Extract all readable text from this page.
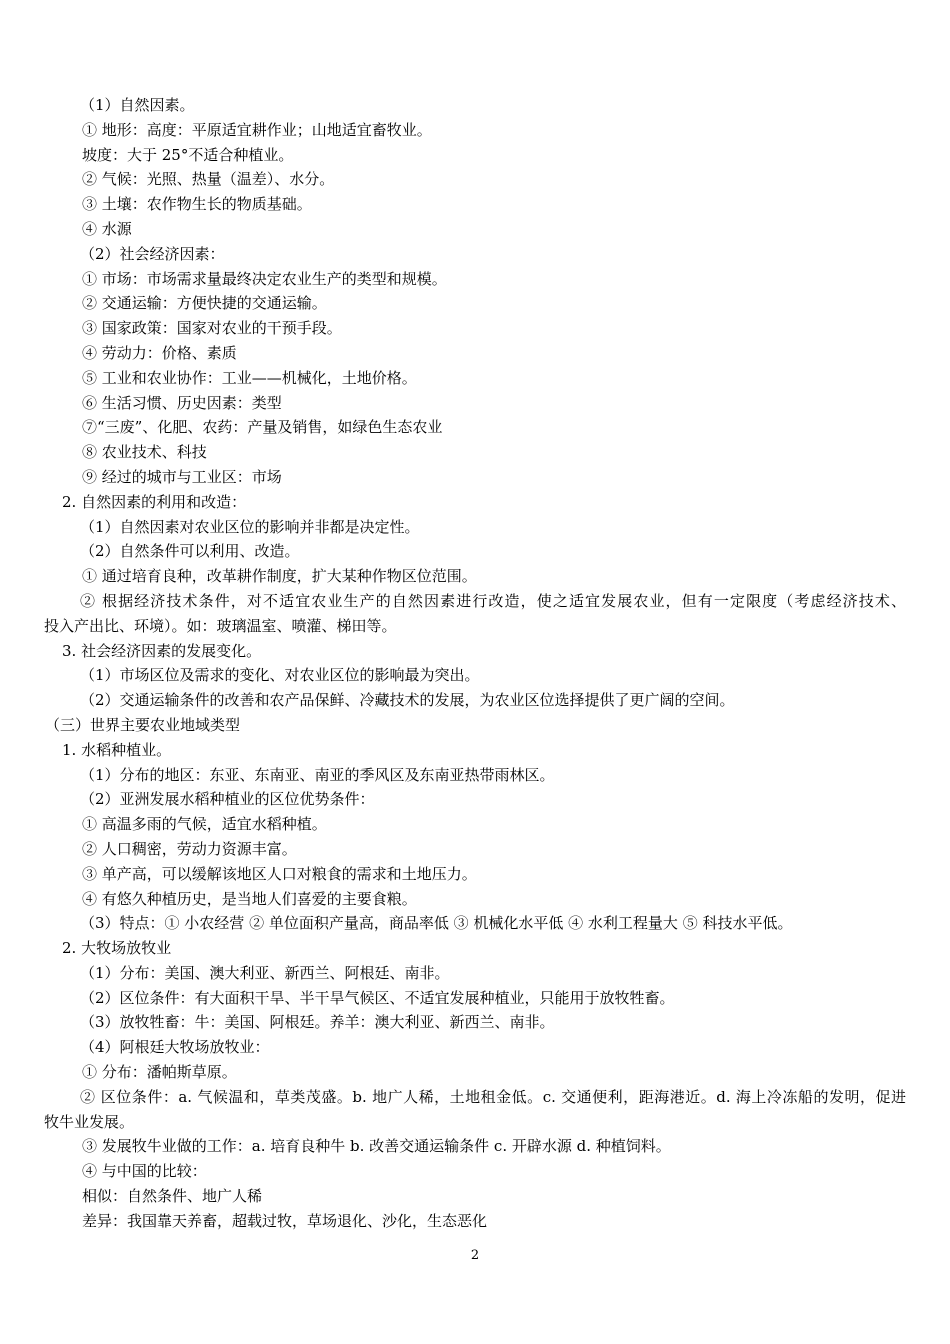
（1）自然因素。
① 地形：高度：平原适宜耕作业；山地适宜畜牧业。
坡度：大于 25°不适合种植业。
② 气候：光照、热量（温差）、水分。
③ 土壤：农作物生长的物质基础。
④ 水源
（2）社会经济因素：
① 市场：市场需求量最终决定农业生产的类型和规模。
② 交通运输：方便快捷的交通运输。
③ 国家政策：国家对农业的干预手段。
④ 劳动力：价格、素质
⑤ 工业和农业协作：工业——机械化，土地价格。
⑥ 生活习惯、历史因素：类型
⑦“三废”、化肥、农药：产量及销售，如绿色生态农业
⑧ 农业技术、科技
⑨ 经过的城市与工业区：市场
2. 自然因素的利用和改造：
（1）自然因素对农业区位的影响并非都是决定性。
（2）自然条件可以利用、改造。
① 通过培育良种，改革耕作制度，扩大某种作物区位范围。
② 根据经济技术条件，对不适宜农业生产的自然因素进行改造，使之适宜发展农业，但有一定限度（考虑经济技术、
投入产出比、环境）。如：玻璃温室、喷灌、梯田等。
3. 社会经济因素的发展变化。
（1）市场区位及需求的变化、对农业区位的影响最为突出。
（2）交通运输条件的改善和农产品保鲜、冷藏技术的发展，为农业区位选择提供了更广阔的空间。
（三）世界主要农业地域类型
1. 水稻种植业。
（1）分布的地区：东亚、东南亚、南亚的季风区及东南亚热带雨林区。
（2）亚洲发展水稻种植业的区位优势条件：
① 高温多雨的气候，适宜水稻种植。
② 人口稠密，劳动力资源丰富。
③ 单产高，可以缓解该地区人口对粮食的需求和土地压力。
④ 有悠久种植历史，是当地人们喜爱的主要食粮。
（3）特点：① 小农经营 ② 单位面积产量高，商品率低 ③ 机械化水平低 ④ 水利工程量大 ⑤ 科技水平低。
2. 大牧场放牧业
（1）分布：美国、澳大利亚、新西兰、阿根廷、南非。
（2）区位条件：有大面积干旱、半干旱气候区、不适宜发展种植业，只能用于放牧牲畜。
（3）放牧牲畜：牛：美国、阿根廷。养羊：澳大利亚、新西兰、南非。
（4）阿根廷大牧场放牧业：
① 分布：潘帕斯草原。
② 区位条件：a. 气候温和，草类茂盛。b. 地广人稀，土地租金低。c. 交通便利，距海港近。d. 海上冷冻船的发明，促进
牧牛业发展。
③ 发展牧牛业做的工作：a. 培育良种牛 b. 改善交通运输条件 c. 开辟水源 d. 种植饲料。
④ 与中国的比较：
相似：自然条件、地广人稀
差异：我国靠天养畜，超载过牧，草场退化、沙化，生态恶化
2
